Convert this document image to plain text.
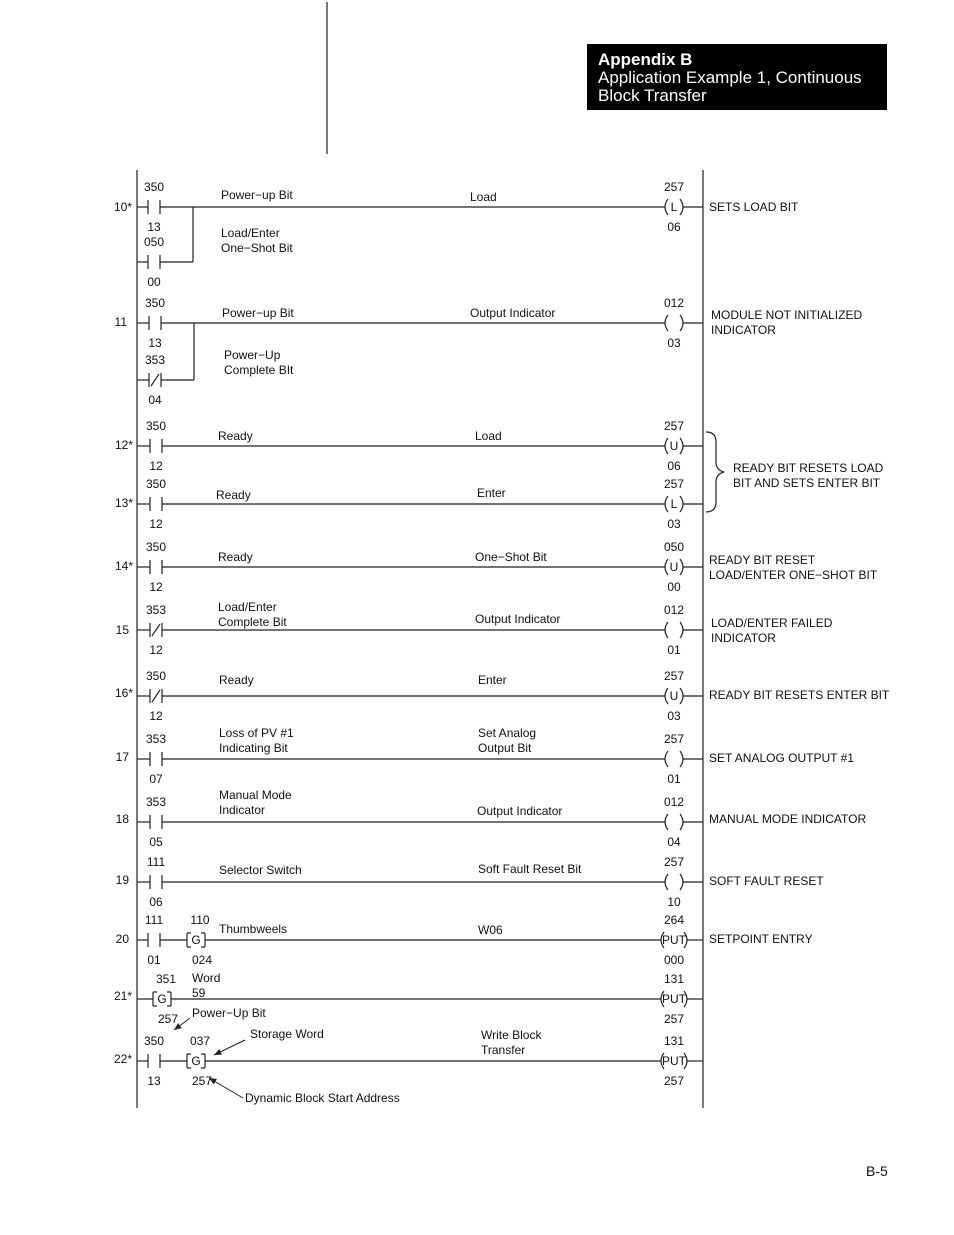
Appendix B
Application Example 1, Continuous Block Transfer
10*
350
13
Power−up Bit
050
00
Load/Enter One−Shot Bit
L
257
06
Load
SETS LOAD BIT
11
350
13
Power−up Bit
353
04
Power−Up Complete BIt
012
03
Output Indicator	MODULE NOT INITIALIZED INDICATOR
12*
350
12
Ready
U
257
06
Load
13*
350
12
Ready
L
257
03
Enter
14*
350
12
Ready
U
050
00
One−Shot Bit	READY BIT RESET LOAD/ENTER ONE−SHOT BIT
15
353
12
Load/Enter Complete Bit
012
01
Output Indicator	LOAD/ENTER FAILED INDICATOR
16*
350
12
Ready
U
257
03
Enter
READY BIT RESETS ENTER BIT
17
353
07
Loss of PV #1 Indicating Bit
257
01
Set Analog Output Bit
SET ANALOG OUTPUT #1
18
353
05
Manual Mode Indicator
012
04
Output Indicator
MANUAL MODE INDICATOR
19
111
06
Selector Switch
257
10
Soft Fault Reset Bit
SOFT FAULT RESET
20
111
01
G
110
024
Thumbweels
PUT
264
000
W06
SETPOINT ENTRY
21* G
351
257
PUT
131
257
22*
350
13
G
037
257
PUT
131
257
Write Block Transfer
READY BIT RESETS LOAD BIT AND SETS ENTER BIT
Word 59
Power−Up Bit
Storage Word
Dynamic Block Start Address
B-5
